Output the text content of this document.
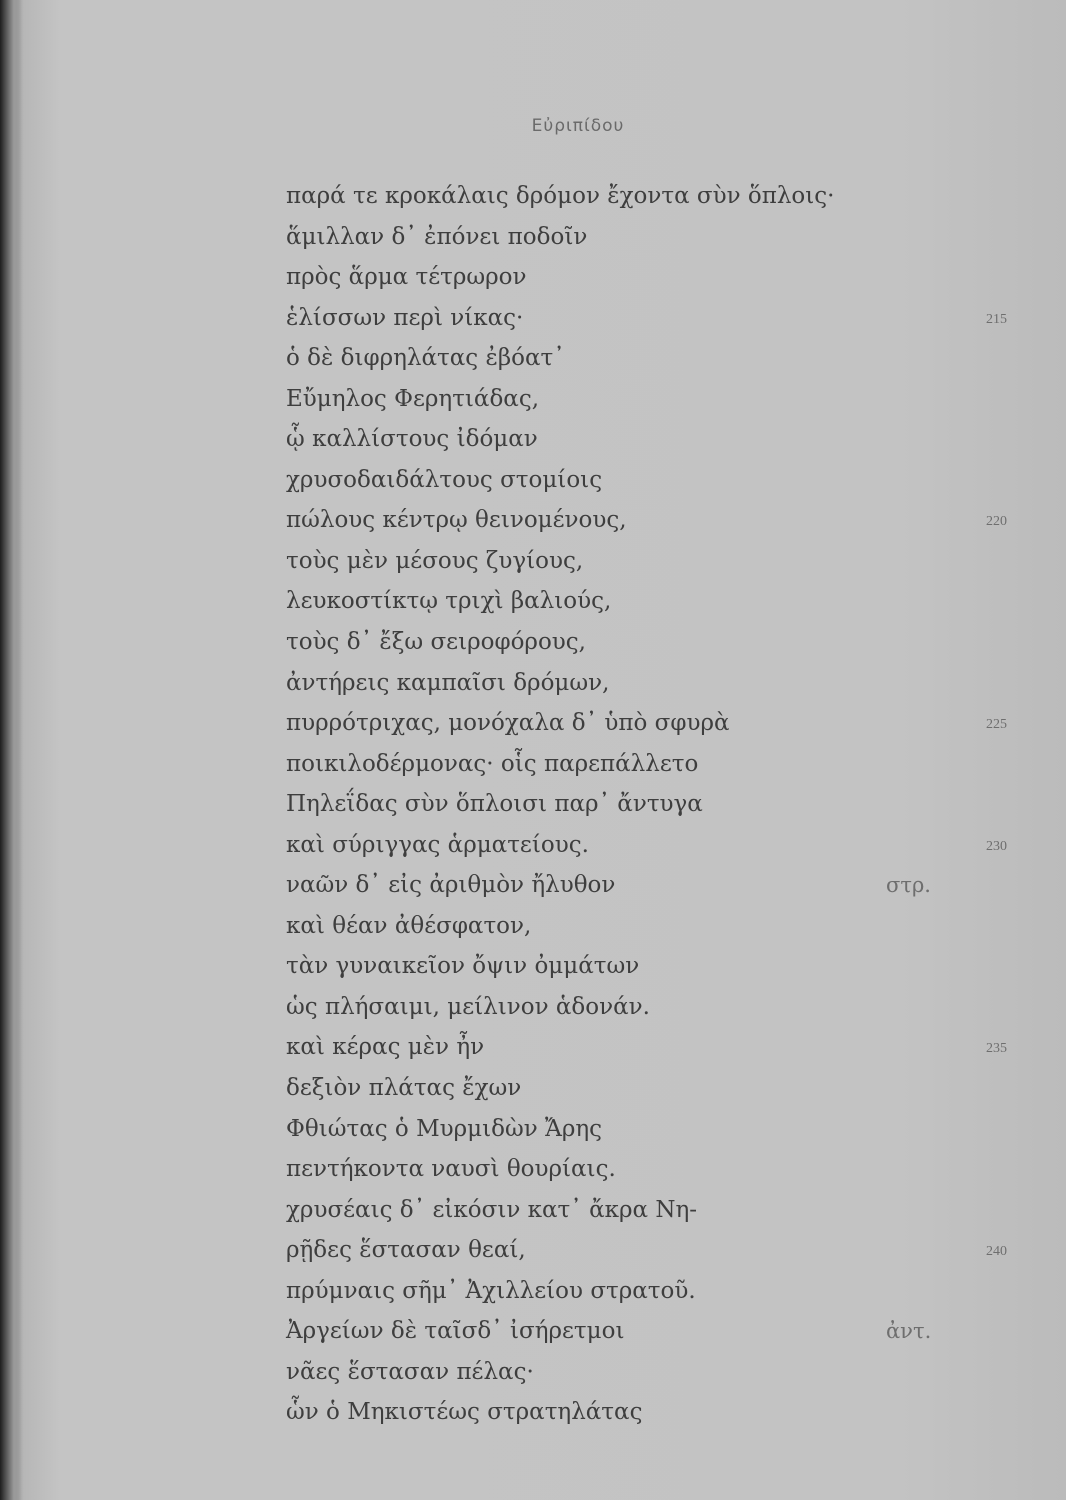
Εὐριπίδου
παρά τε κροκάλαις δρόμον ἔχοντα σὺν ὅπλοις·
ἅμιλλαν δ᾽ ἐπόνει ποδοῖν
πρὸς ἅρμα τέτρωρον
ἑλίσσων περὶ νίκας·	215
ὁ δὲ διφρηλάτας ἐβόατ᾽
Εὔμηλος Φερητιάδας,
ᾧ καλλίστους ἰδόμαν
χρυσοδαιδάλτους στομίοις
πώλους κέντρῳ θεινομένους,	220
τοὺς μὲν μέσους ζυγίους,
λευκοστίκτῳ τριχὶ βαλιούς,
τοὺς δ᾽ ἔξω σειροφόρους,
ἀντήρεις καμπαῖσι δρόμων,
πυρρότριχας, μονόχαλα δ᾽ ὑπὸ σφυρὰ	225
ποικιλοδέρμονας· οἷς παρεπάλλετο
Πηλεΐδας σὺν ὅπλοισι παρ᾽ ἄντυγα
καὶ σύριγγας ἁρματείους.	230
ναῶν δ᾽ εἰς ἀριθμὸν ἤλυθον	στρ.
καὶ θέαν ἀθέσφατον,
τὰν γυναικεῖον ὄψιν ὀμμάτων
ὡς πλήσαιμι, μείλινον ἁδονάν.
καὶ κέρας μὲν ἦν	235
δεξιὸν πλάτας ἔχων
Φθιώτας ὁ Μυρμιδὼν Ἄρης
πεντήκοντα ναυσὶ θουρίαις.
χρυσέαις δ᾽ εἰκόσιν κατ᾽ ἄκρα Νη-
ρῇδες ἕστασαν θεαί,	240
πρύμναις σῆμ᾽ Ἀχιλλείου στρατοῦ.
Ἀργείων δὲ ταῖσδ᾽ ἰσήρετμοι	ἀντ.
νᾶες ἕστασαν πέλας·
ὧν ὁ Μηκιστέως στρατηλάτας
